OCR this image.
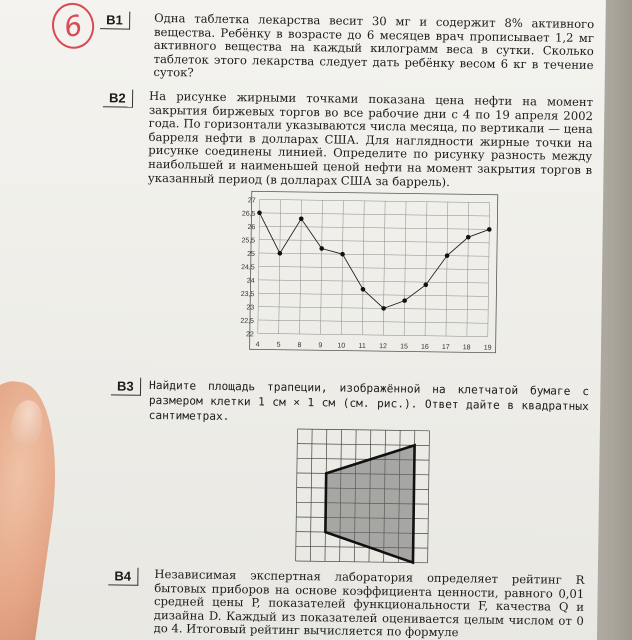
6	B1	Одна таблетка лекарства весит 30 мг и содержит 8% активного вещества. Ребёнку в возрасте до 6 месяцев врач прописывает 1,2 мг активного вещества на каждый килограмм веса в сутки. Сколько таблеток этого лекарства следует дать ребёнку весом 6 кг в течение суток?
B2	На рисунке жирными точками показана цена нефти на момент закрытия биржевых торгов во все рабочие дни с 4 по 19 апреля 2002 года. По горизонтали указываются числа месяца, по вертикали — цена барреля нефти в долларах США. Для наглядности жирные точки на рисунке соединены линией. Определите по рисунку разность между наибольшей и наименьшей ценой нефти на момент закрытия торгов в указанный период (в долларах США за баррель).
22
22,5
23
23,5
24
24,5
25
25,5
26
26,5
27
4 5 8 9 10 11 12 15 16 17 18 19
B3	Найдите площадь трапеции, изображённой на клетчатой бумаге с размером клетки 1 см × 1 см (см. рис.). Ответ дайте в квадратных сантиметрах.
B4	Независимая экспертная лаборатория определяет рейтинг R бытовых приборов на основе коэффициента ценности, равного 0,01 средней цены P, показателей функциональности F, качества Q и дизайна D. Каждый из показателей оценивается целым числом от 0 до 4. Итоговый рейтинг вычисляется по формуле
